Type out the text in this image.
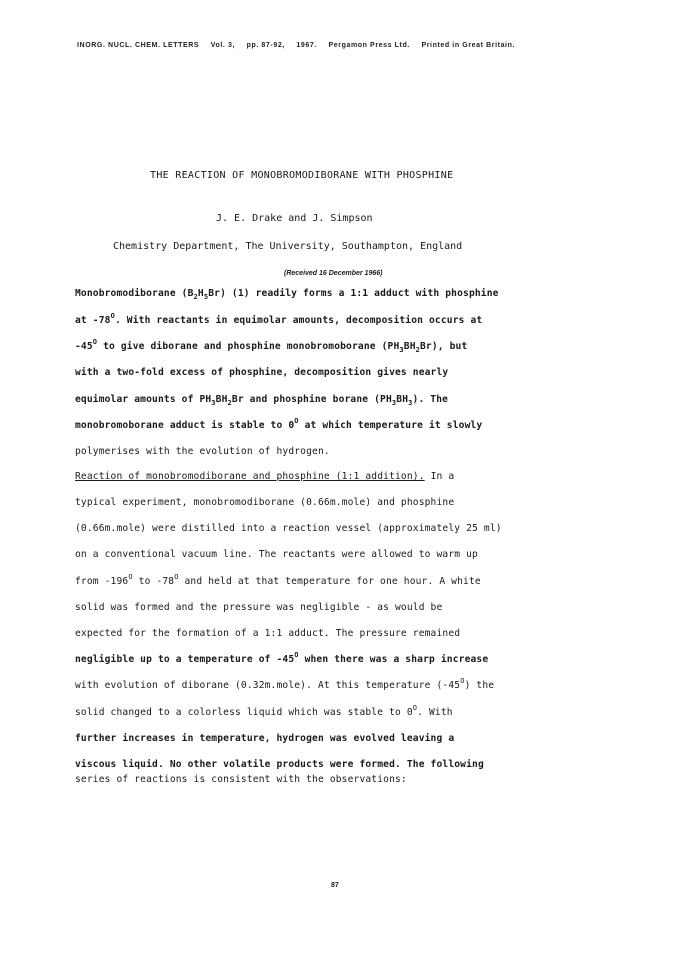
INORG. NUCL. CHEM. LETTERS Vol. 3, pp. 87-92, 1967. Pergamon Press Ltd. Printed in Great Britain.
THE REACTION OF MONOBROMODIBORANE WITH PHOSPHINE
J. E. Drake and J. Simpson
Chemistry Department, The University, Southampton, England
(Received 16 December 1966)
Monobromodiborane $(B_2H_5Br)$ (1) readily forms a 1:1 adduct with phosphine
at $-78^O$. With reactants in equimolar amounts, decomposition occurs at
$-45^O$ to give diborane and phosphine monobromoborane $(PH_3BH_2Br)$, but
with a two-fold excess of phosphine, decomposition gives nearly
equimolar amounts of $PH_3BH_2Br$ and phosphine borane $(PH_3BH_3)$. The
monobromoborane adduct is stable to $0^O$ at which temperature it slowly
polymerises with the evolution of hydrogen.
Reaction of monobromodiborane and phosphine (1:1 addition). In a
typical experiment, monobromodiborane (0.66m.mole) and phosphine
(0.66m.mole) were distilled into a reaction vessel (approximately 25 ml)
on a conventional vacuum line. The reactants were allowed to warm up
from $-196^O$ to $-78^O$ and held at that temperature for one hour. A white
solid was formed and the pressure was negligible - as would be
expected for the formation of a 1:1 adduct. The pressure remained
negligible up to a temperature of $-45^O$ when there was a sharp increase
with evolution of diborane (0.32m.mole). At this temperature $(-45^O)$ the
solid changed to a colorless liquid which was stable to $0^O$. With
further increases in temperature, hydrogen was evolved leaving a
viscous liquid. No other volatile products were formed. The following
series of reactions is consistent with the observations:
87
